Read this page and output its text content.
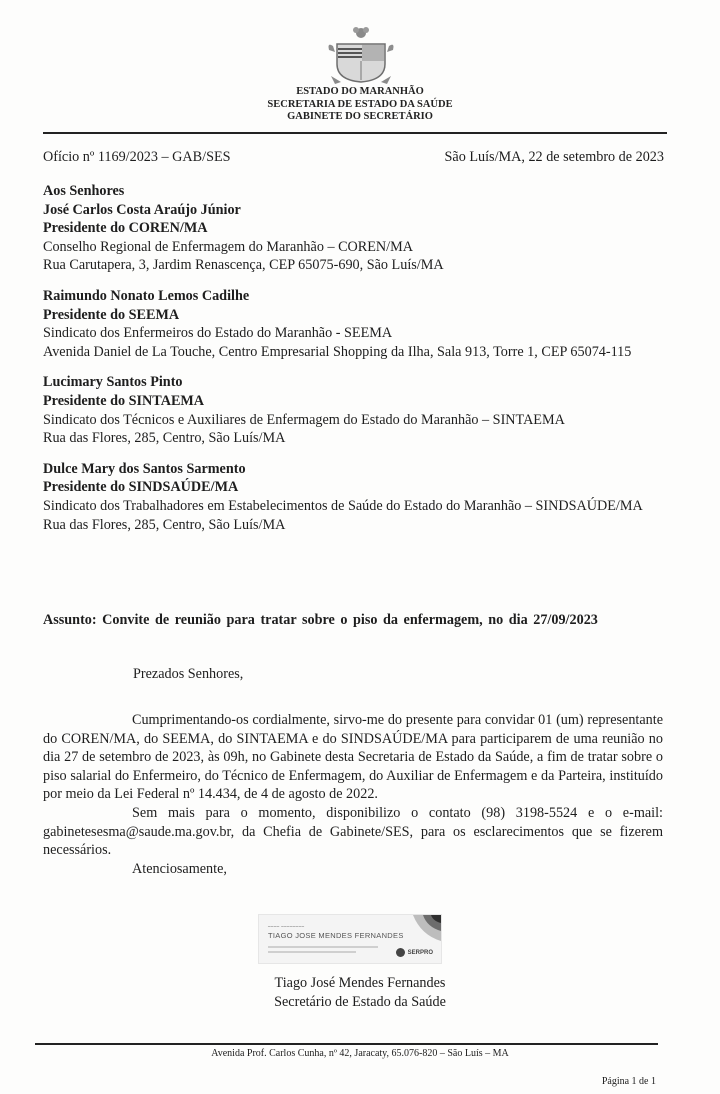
ESTADO DO MARANHÃO
SECRETARIA DE ESTADO DA SAÚDE
GABINETE DO SECRETÁRIO
Ofício nº 1169/2023 – GAB/SES	São Luís/MA, 22 de setembro de 2023
Aos Senhores
José Carlos Costa Araújo Júnior
Presidente do COREN/MA
Conselho Regional de Enfermagem do Maranhão – COREN/MA
Rua Carutapera, 3, Jardim Renascença, CEP 65075-690, São Luís/MA
Raimundo Nonato Lemos Cadilhe
Presidente do SEEMA
Sindicato dos Enfermeiros do Estado do Maranhão - SEEMA
Avenida Daniel de La Touche, Centro Empresarial Shopping da Ilha, Sala 913, Torre 1, CEP 65074-115
Lucimary Santos Pinto
Presidente do SINTAEMA
Sindicato dos Técnicos e Auxiliares de Enfermagem do Estado do Maranhão – SINTAEMA
Rua das Flores, 285, Centro, São Luís/MA
Dulce Mary dos Santos Sarmento
Presidente do SINDSAÚDE/MA
Sindicato dos Trabalhadores em Estabelecimentos de Saúde do Estado do Maranhão – SINDSAÚDE/MA
Rua das Flores, 285, Centro, São Luís/MA
Assunto: Convite de reunião para tratar sobre o piso da enfermagem, no dia 27/09/2023
Prezados Senhores,

Cumprimentando-os cordialmente, sirvo-me do presente para convidar 01 (um) representante do COREN/MA, do SEEMA, do SINTAEMA e do SINDSAÚDE/MA para participarem de uma reunião no dia 27 de setembro de 2023, às 09h, no Gabinete desta Secretaria de Estado da Saúde, a fim de tratar sobre o piso salarial do Enfermeiro, do Técnico de Enfermagem, do Auxiliar de Enfermagem e da Parteira, instituído por meio da Lei Federal nº 14.434, de 4 de agosto de 2022.

Sem mais para o momento, disponibilizo o contato (98) 3198-5524 e o e-mail: gabinetesesma@saude.ma.gov.br, da Chefia de Gabinete/SES, para os esclarecimentos que se fizerem necessários.

Atenciosamente,
━━━━ ━━━━━━━━
TIAGO JOSE MENDES FERNANDES
SERPRO
Tiago José Mendes Fernandes
Secretário de Estado da Saúde
Avenida Prof. Carlos Cunha, nº 42, Jaracaty, 65.076-820 – São Luís – MA
Página 1 de 1
